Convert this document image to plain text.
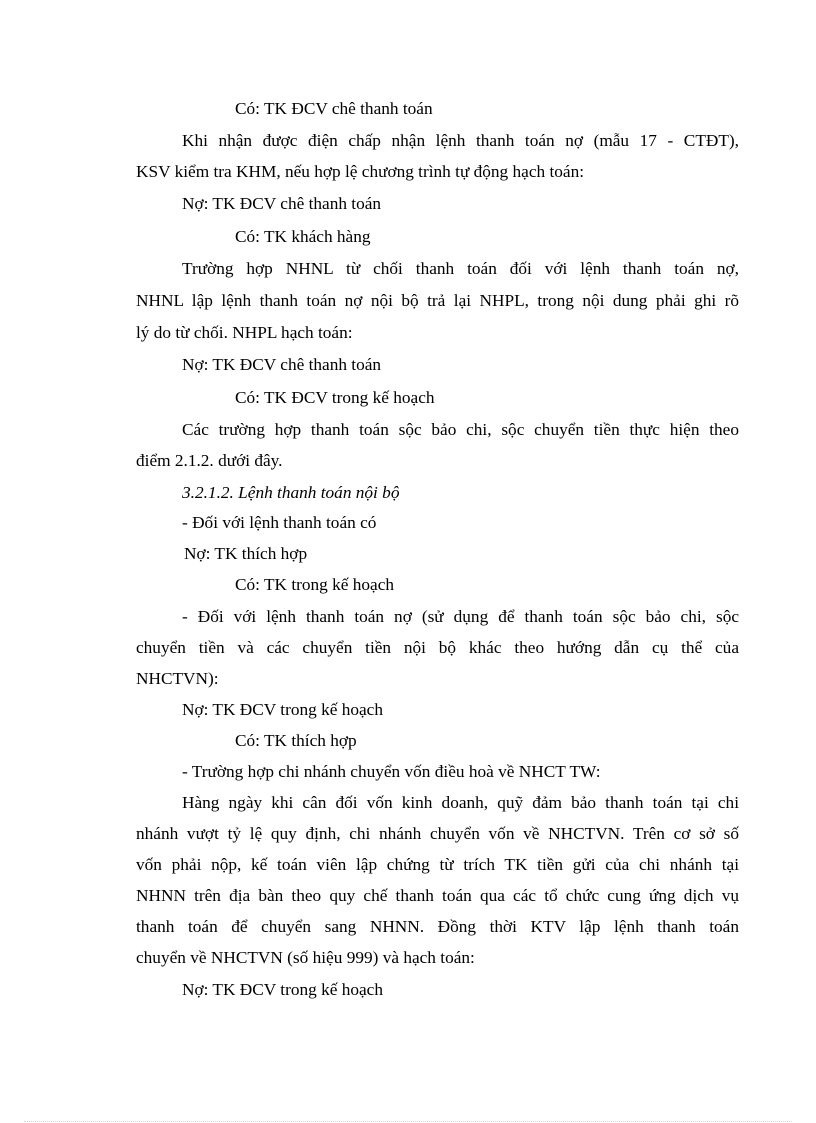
Có: TK ĐCV chê thanh toán

Khi nhận được điện chấp nhận lệnh thanh toán nợ (mẫu 17 - CTĐT),

KSV kiểm tra KHM, nếu hợp lệ chương trình tự động hạch toán:

Nợ: TK ĐCV chê thanh toán

Có: TK khách hàng

Trường hợp NHNL từ chối thanh toán đối với lệnh thanh toán nợ,

NHNL lập lệnh thanh toán nợ nội bộ trả lại NHPL, trong nội dung phải ghi rõ

lý do từ chối. NHPL hạch toán:

Nợ: TK ĐCV chê thanh toán

Có: TK ĐCV trong kế hoạch

Các trường hợp thanh toán sộc bảo chi, sộc chuyển tiền thực hiện theo

điểm 2.1.2. dưới đây.

3.2.1.2. Lệnh thanh toán nội bộ

- Đối với lệnh thanh toán có

Nợ: TK thích hợp

Có: TK trong kế hoạch

- Đối với lệnh thanh toán nợ (sử dụng để thanh toán sộc bảo chi, sộc

chuyển tiền và các chuyển tiền nội bộ khác theo hướng dẫn cụ thể của

NHCTVN):

Nợ: TK ĐCV trong kế hoạch

Có: TK thích hợp

- Trường hợp chi nhánh chuyển vốn điều hoà về NHCT TW:

Hàng ngày khi cân đối vốn kinh doanh, quỹ đảm bảo thanh toán tại chi

nhánh vượt tỷ lệ quy định, chi nhánh chuyển vốn về NHCTVN. Trên cơ sở số

vốn phải nộp, kế toán viên lập chứng từ trích TK tiền gửi của chi nhánh tại

NHNN trên địa bàn theo quy chế thanh toán qua các tổ chức cung ứng dịch vụ

thanh toán để chuyển sang NHNN. Đồng thời KTV lập lệnh thanh toán

chuyển về NHCTVN (số hiệu 999) và hạch toán:

Nợ: TK ĐCV trong kế hoạch
